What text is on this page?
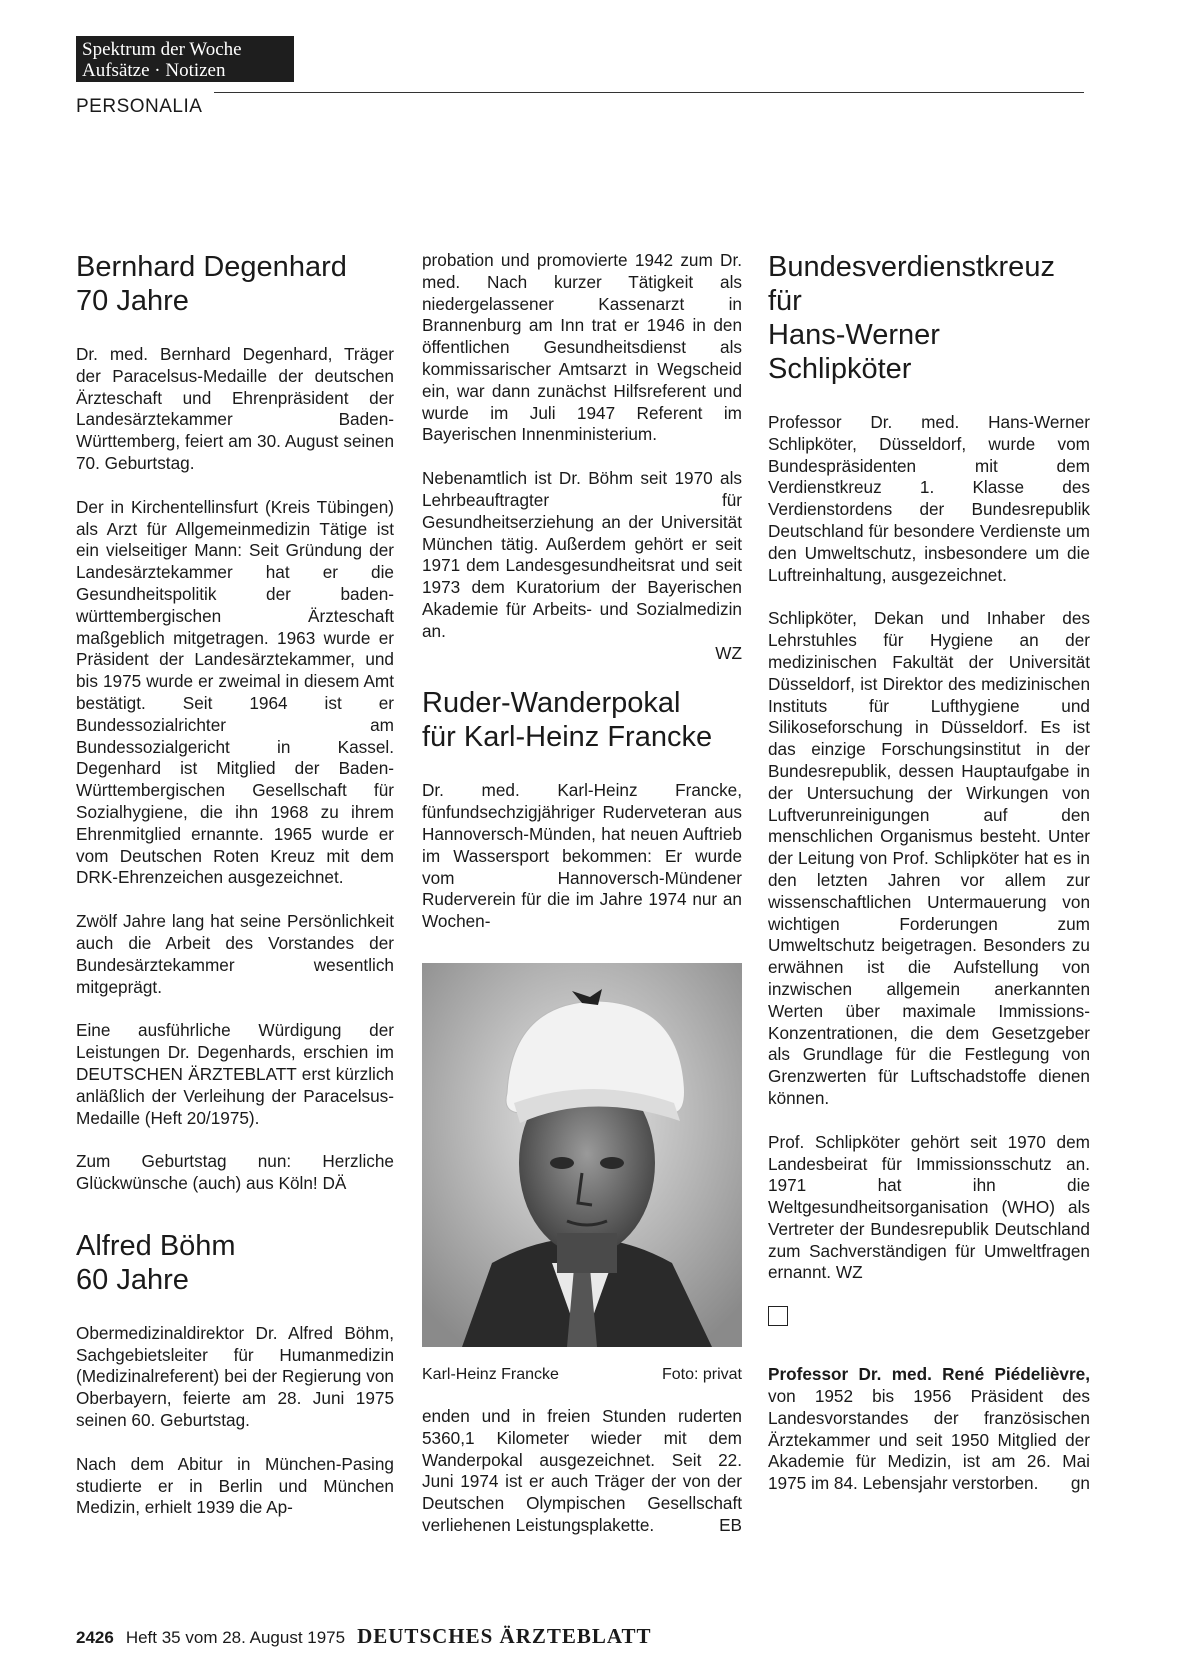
Spektrum der Woche
Aufsätze · Notizen
PERSONALIA
Bernhard Degenhard
70 Jahre

Dr. med. Bernhard Degenhard, Träger der Paracelsus-Medaille der deutschen Ärzteschaft und Ehrenpräsident der Landesärztekammer Baden-Württemberg, feiert am 30. August seinen 70. Geburtstag.

Der in Kirchentellinsfurt (Kreis Tübingen) als Arzt für Allgemeinmedizin Tätige ist ein vielseitiger Mann: Seit Gründung der Landesärztekammer hat er die Gesundheitspolitik der baden-württembergischen Ärzteschaft maßgeblich mitgetragen. 1963 wurde er Präsident der Landesärztekammer, und bis 1975 wurde er zweimal in diesem Amt bestätigt. Seit 1964 ist er Bundessozialrichter am Bundessozialgericht in Kassel. Degenhard ist Mitglied der Baden-Württembergischen Gesellschaft für Sozialhygiene, die ihn 1968 zu ihrem Ehrenmitglied ernannte. 1965 wurde er vom Deutschen Roten Kreuz mit dem DRK-Ehrenzeichen ausgezeichnet.

Zwölf Jahre lang hat seine Persönlichkeit auch die Arbeit des Vorstandes der Bundesärztekammer wesentlich mitgeprägt.

Eine ausführliche Würdigung der Leistungen Dr. Degenhards, erschien im DEUTSCHEN ÄRZTEBLATT erst kürzlich anläßlich der Verleihung der Paracelsus-Medaille (Heft 20/1975).

Zum Geburtstag nun: Herzliche Glückwünsche (auch) aus Köln! DÄ

Alfred Böhm
60 Jahre

Obermedizinaldirektor Dr. Alfred Böhm, Sachgebietsleiter für Humanmedizin (Medizinalreferent) bei der Regierung von Oberbayern, feierte am 28. Juni 1975 seinen 60. Geburtstag.

Nach dem Abitur in München-Pasing studierte er in Berlin und München Medizin, erhielt 1939 die Ap-

probation und promovierte 1942 zum Dr. med. Nach kurzer Tätigkeit als niedergelassener Kassenarzt in Brannenburg am Inn trat er 1946 in den öffentlichen Gesundheitsdienst als kommissarischer Amtsarzt in Wegscheid ein, war dann zunächst Hilfsreferent und wurde im Juli 1947 Referent im Bayerischen Innenministerium.

Nebenamtlich ist Dr. Böhm seit 1970 als Lehrbeauftragter für Gesundheitserziehung an der Universität München tätig. Außerdem gehört er seit 1971 dem Landesgesundheitsrat und seit 1973 dem Kuratorium der Bayerischen Akademie für Arbeits- und Sozialmedizin an.
WZ

Ruder-Wanderpokal
für Karl-Heinz Francke

Dr. med. Karl-Heinz Francke, fünfundsechzigjähriger Ruderveteran aus Hannoversch-Münden, hat neuen Auftrieb im Wassersport bekommen: Er wurde vom Hannoversch-Mündener Ruderverein für die im Jahre 1974 nur an Wochen-

Karl-Heinz Francke	Foto: privat

enden und in freien Stunden ruderten 5360,1 Kilometer wieder mit dem Wanderpokal ausgezeichnet. Seit 22. Juni 1974 ist er auch Träger der von der Deutschen Olympischen Gesellschaft verliehenen Leistungsplakette.	EB

Bundesverdienstkreuz
für
Hans-Werner Schlipköter

Professor Dr. med. Hans-Werner Schlipköter, Düsseldorf, wurde vom Bundespräsidenten mit dem Verdienstkreuz 1. Klasse des Verdienstordens der Bundesrepublik Deutschland für besondere Verdienste um den Umweltschutz, insbesondere um die Luftreinhaltung, ausgezeichnet.

Schlipköter, Dekan und Inhaber des Lehrstuhles für Hygiene an der medizinischen Fakultät der Universität Düsseldorf, ist Direktor des medizinischen Instituts für Lufthygiene und Silikoseforschung in Düsseldorf. Es ist das einzige Forschungsinstitut in der Bundesrepublik, dessen Hauptaufgabe in der Untersuchung der Wirkungen von Luftverunreinigungen auf den menschlichen Organismus besteht. Unter der Leitung von Prof. Schlipköter hat es in den letzten Jahren vor allem zur wissenschaftlichen Untermauerung von wichtigen Forderungen zum Umweltschutz beigetragen. Besonders zu erwähnen ist die Aufstellung von inzwischen allgemein anerkannten Werten über maximale Immissions-Konzentrationen, die dem Gesetzgeber als Grundlage für die Festlegung von Grenzwerten für Luftschadstoffe dienen können.

Prof. Schlipköter gehört seit 1970 dem Landesbeirat für Immissionsschutz an. 1971 hat ihn die Weltgesundheitsorganisation (WHO) als Vertreter der Bundesrepublik Deutschland zum Sachverständigen für Umweltfragen ernannt. WZ

Professor Dr. med. René Piédelièvre, von 1952 bis 1956 Präsident des Landesvorstandes der französischen Ärztekammer und seit 1950 Mitglied der Akademie für Medizin, ist am 26. Mai 1975 im 84. Lebensjahr verstorben. gn

2426 Heft 35 vom 28. August 1975 DEUTSCHES ÄRZTEBLATT
